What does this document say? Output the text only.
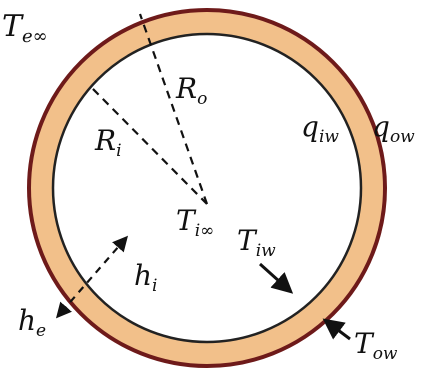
$T_{e\infty}$
$R_o$
$R_i$
$q_{iw}$ $q_{ow}$
$T_{i\infty}$ $T_{iw}$
$h_i$
$h_e$	$T_{ow}$
